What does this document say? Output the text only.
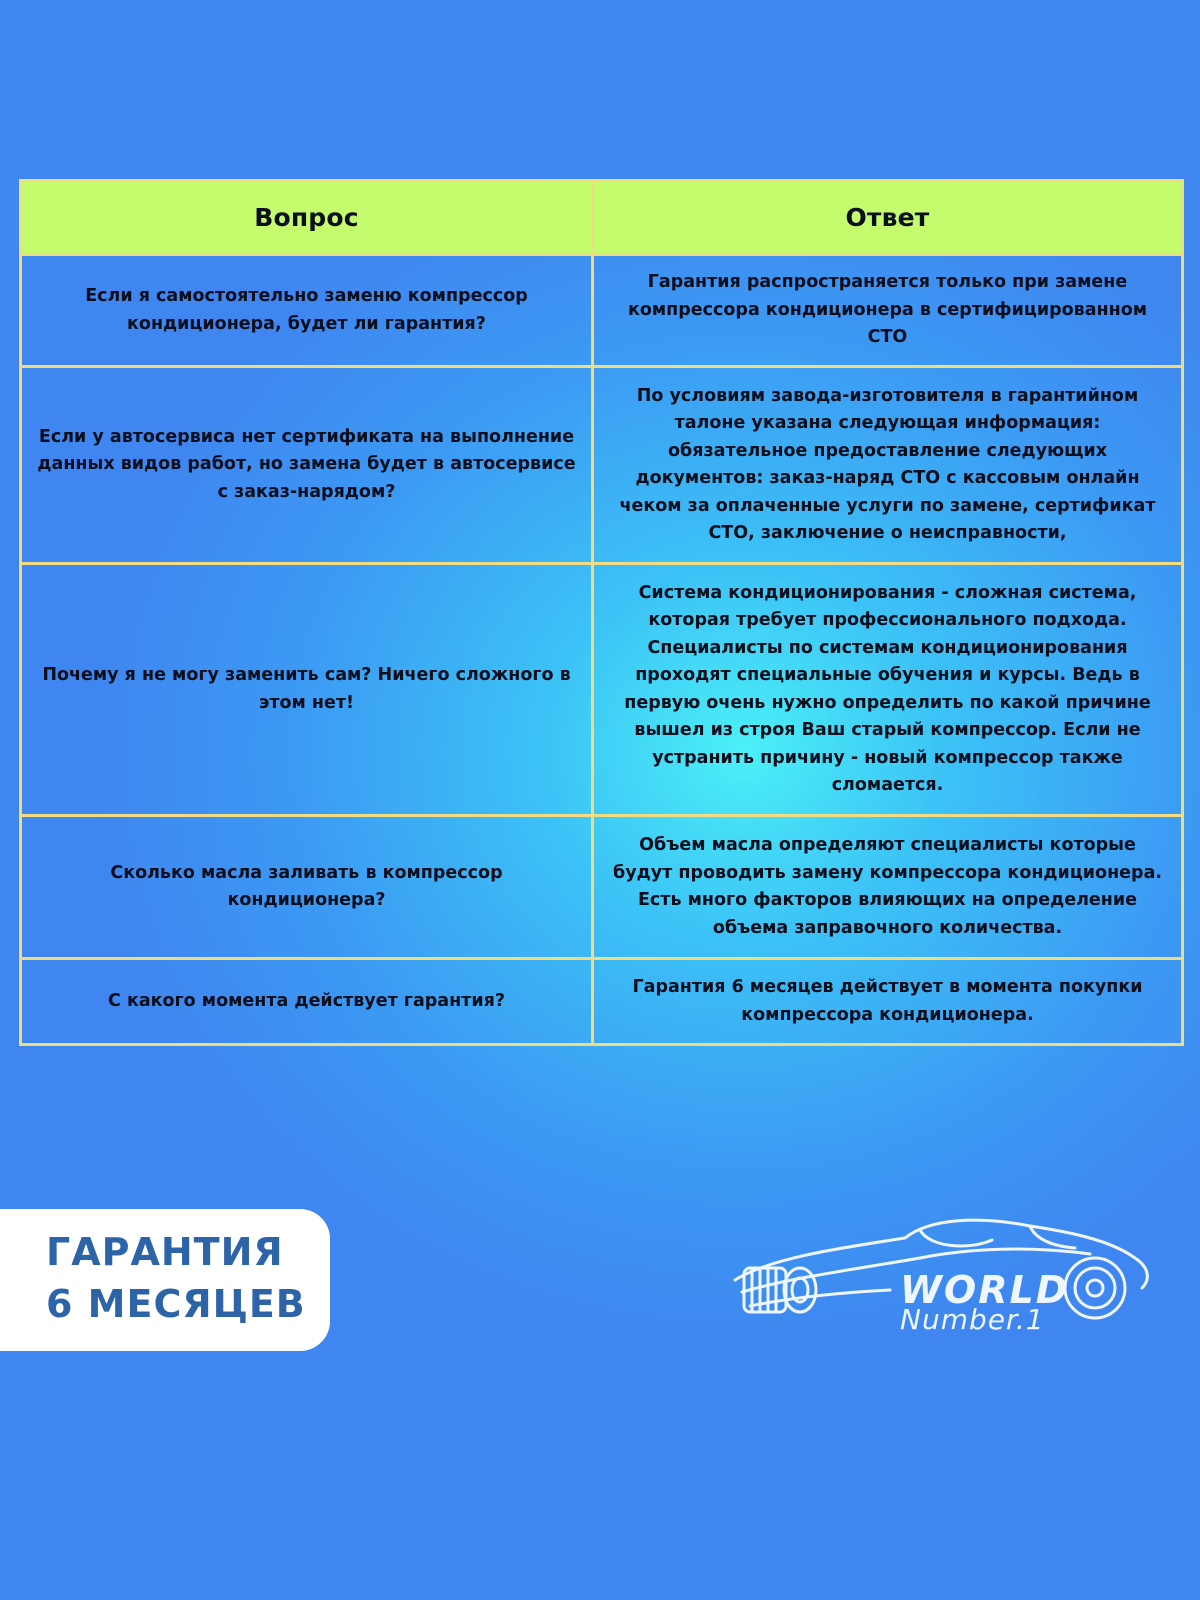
Вопрос	Ответ
Если я самостоятельно заменю компрессор кондиционера, будет ли гарантия?	Гарантия распространяется только при замене компрессора кондиционера в сертифицированном СТО
Если у автосервиса нет сертификата на выполнение данных видов работ, но замена будет в автосервисе с заказ-нарядом?	По условиям завода-изготовителя в гарантийном талоне указана следующая информация: обязательное предоставление следующих документов: заказ-наряд СТО с кассовым онлайн чеком за оплаченные услуги по замене, сертификат СТО, заключение о неисправности,
Почему я не могу заменить сам? Ничего сложного в этом нет!	Система кондиционирования - сложная система, которая требует профессионального подхода. Специалисты по системам кондиционирования проходят специальные обучения и курсы. Ведь в первую очень нужно определить по какой причине вышел из строя Ваш старый компрессор. Если не устранить причину - новый компрессор также сломается.
Сколько масла заливать в компрессор кондиционера?	Объем масла определяют специалисты которые будут проводить замену компрессора кондиционера. Есть много факторов влияющих на определение объема заправочного количества.
С какого момента действует гарантия?	Гарантия 6 месяцев действует в момента покупки компрессора кондиционера.
ГАРАНТИЯ
6 МЕСЯЦЕВ	WORLD
Number.1
